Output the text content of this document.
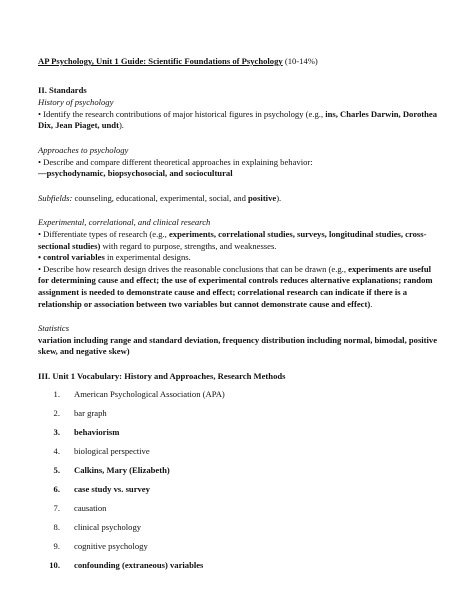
AP Psychology, Unit 1 Guide: Scientific Foundations of Psychology (10-14%)

II. Standards

History of psychology

• Identify the research contributions of major historical figures in psychology (e.g., ins, Charles Darwin, Dorothea Dix, Jean Piaget, undt).

Approaches to psychology

• Describe and compare different theoretical approaches in explaining behavior:

—psychodynamic, biopsychosocial, and sociocultural

Subfields: counseling, educational, experimental, social, and positive).

Experimental, correlational, and clinical research

• Differentiate types of research (e.g., experiments, correlational studies, surveys, longitudinal studies, cross-sectional studies) with regard to purpose, strengths, and weaknesses.

• control variables in experimental designs.

• Describe how research design drives the reasonable conclusions that can be drawn (e.g., experiments are useful for determining cause and effect; the use of experimental controls reduces alternative explanations; random assignment is needed to demonstrate cause and effect; correlational research can indicate if there is a relationship or association between two variables but cannot demonstrate cause and effect).

Statistics

variation including range and standard deviation, frequency distribution including normal, bimodal, positive skew, and negative skew)

III. Unit 1 Vocabulary: History and Approaches, Research Methods

1. American Psychological Association (APA)
2. bar graph
3. behaviorism
4. biological perspective
5. Calkins, Mary (Elizabeth)
6. case study vs. survey
7. causation
8. clinical psychology
9. cognitive psychology
10. confounding (extraneous) variables
